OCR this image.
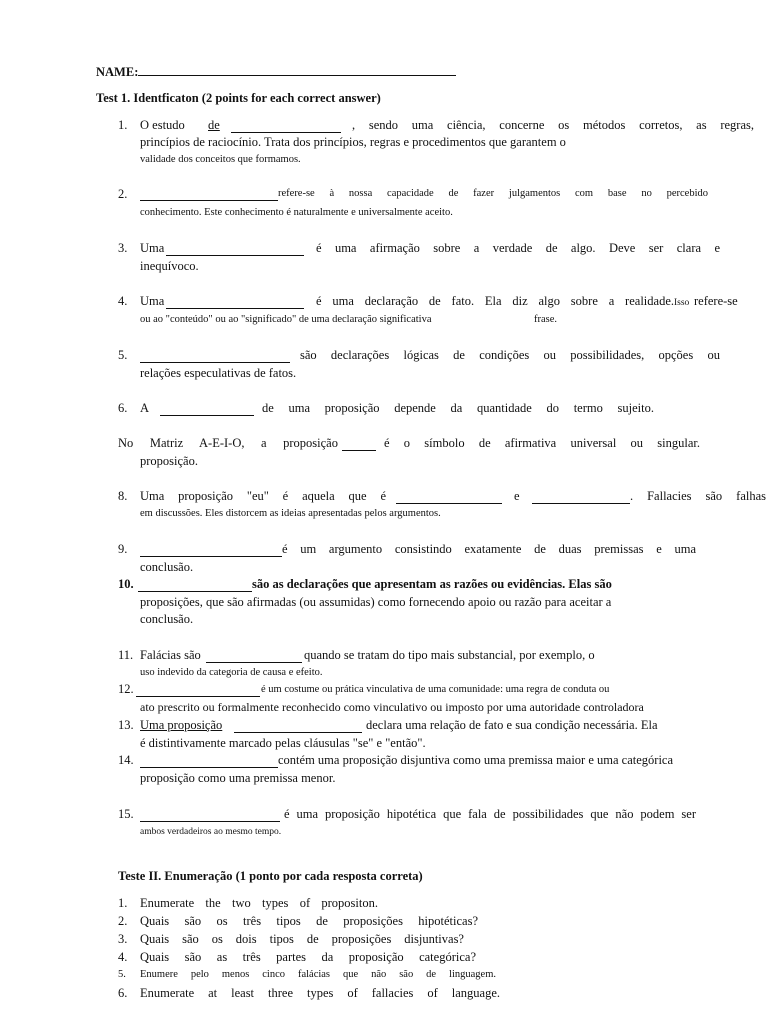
NAME:
Test 1. Identficaton (2 points for each correct answer)
1. O estudo de	, sendo uma ciência, concerne os métodos corretos, as regras,
princípios de raciocínio. Trata dos princípios, regras e procedimentos que garantem o
validade dos conceitos que formamos.
2.	refere-se à nossa capacidade de fazer julgamentos com base no percebido
conhecimento. Este conhecimento é naturalmente e universalmente aceito.
3. Uma	é uma afirmação sobre a verdade de algo. Deve ser clara e
inequívoco.
4. Uma	é uma declaração de fato. Ela diz algo sobre a realidade. Isso refere-se
ou ao "conteúdo" ou ao "significado" de uma declaração significativa	frase.
5.	são declarações lógicas de condições ou possibilidades, opções ou
relações especulativas de fatos.
6. A	de uma proposição depende da quantidade do termo sujeito.
No Matriz A-E-I-O, a proposição	é o símbolo de afirmativa universal ou singular.
proposição.
8. Uma proposição "eu" é aquela que é	e	. Fallacies são falhas
em discussões. Eles distorcem as ideias apresentadas pelos argumentos.
9.	é um argumento consistindo exatamente de duas premissas e uma
conclusão.
10.	são as declarações que apresentam as razões ou evidências. Elas são
proposições, que são afirmadas (ou assumidas) como fornecendo apoio ou razão para aceitar a
conclusão.
11. Falácias são	quando se tratam do tipo mais substancial, por exemplo, o
uso indevido da categoria de causa e efeito.
12.	é um costume ou prática vinculativa de uma comunidade: uma regra de conduta ou
ato prescrito ou formalmente reconhecido como vinculativo ou imposto por uma autoridade controladora
13. Uma proposição	declara uma relação de fato e sua condição necessária. Ela
é distintivamente marcado pelas cláusulas "se" e "então".
14.	contém uma proposição disjuntiva como uma premissa maior e uma categórica
proposição como uma premissa menor.
15.	é uma proposição hipotética que fala de possibilidades que não podem ser
ambos verdadeiros ao mesmo tempo.
Teste II. Enumeração (1 ponto por cada resposta correta)
1. Enumerate the two types of propositon.
2. Quais são os três tipos de proposições hipotéticas?
3. Quais são os dois tipos de proposições disjuntivas?
4. Quais são as três partes da proposição categórica?
5. Enumere pelo menos cinco falácias que não são de linguagem.
6. Enumerate at least three types of fallacies of language.
